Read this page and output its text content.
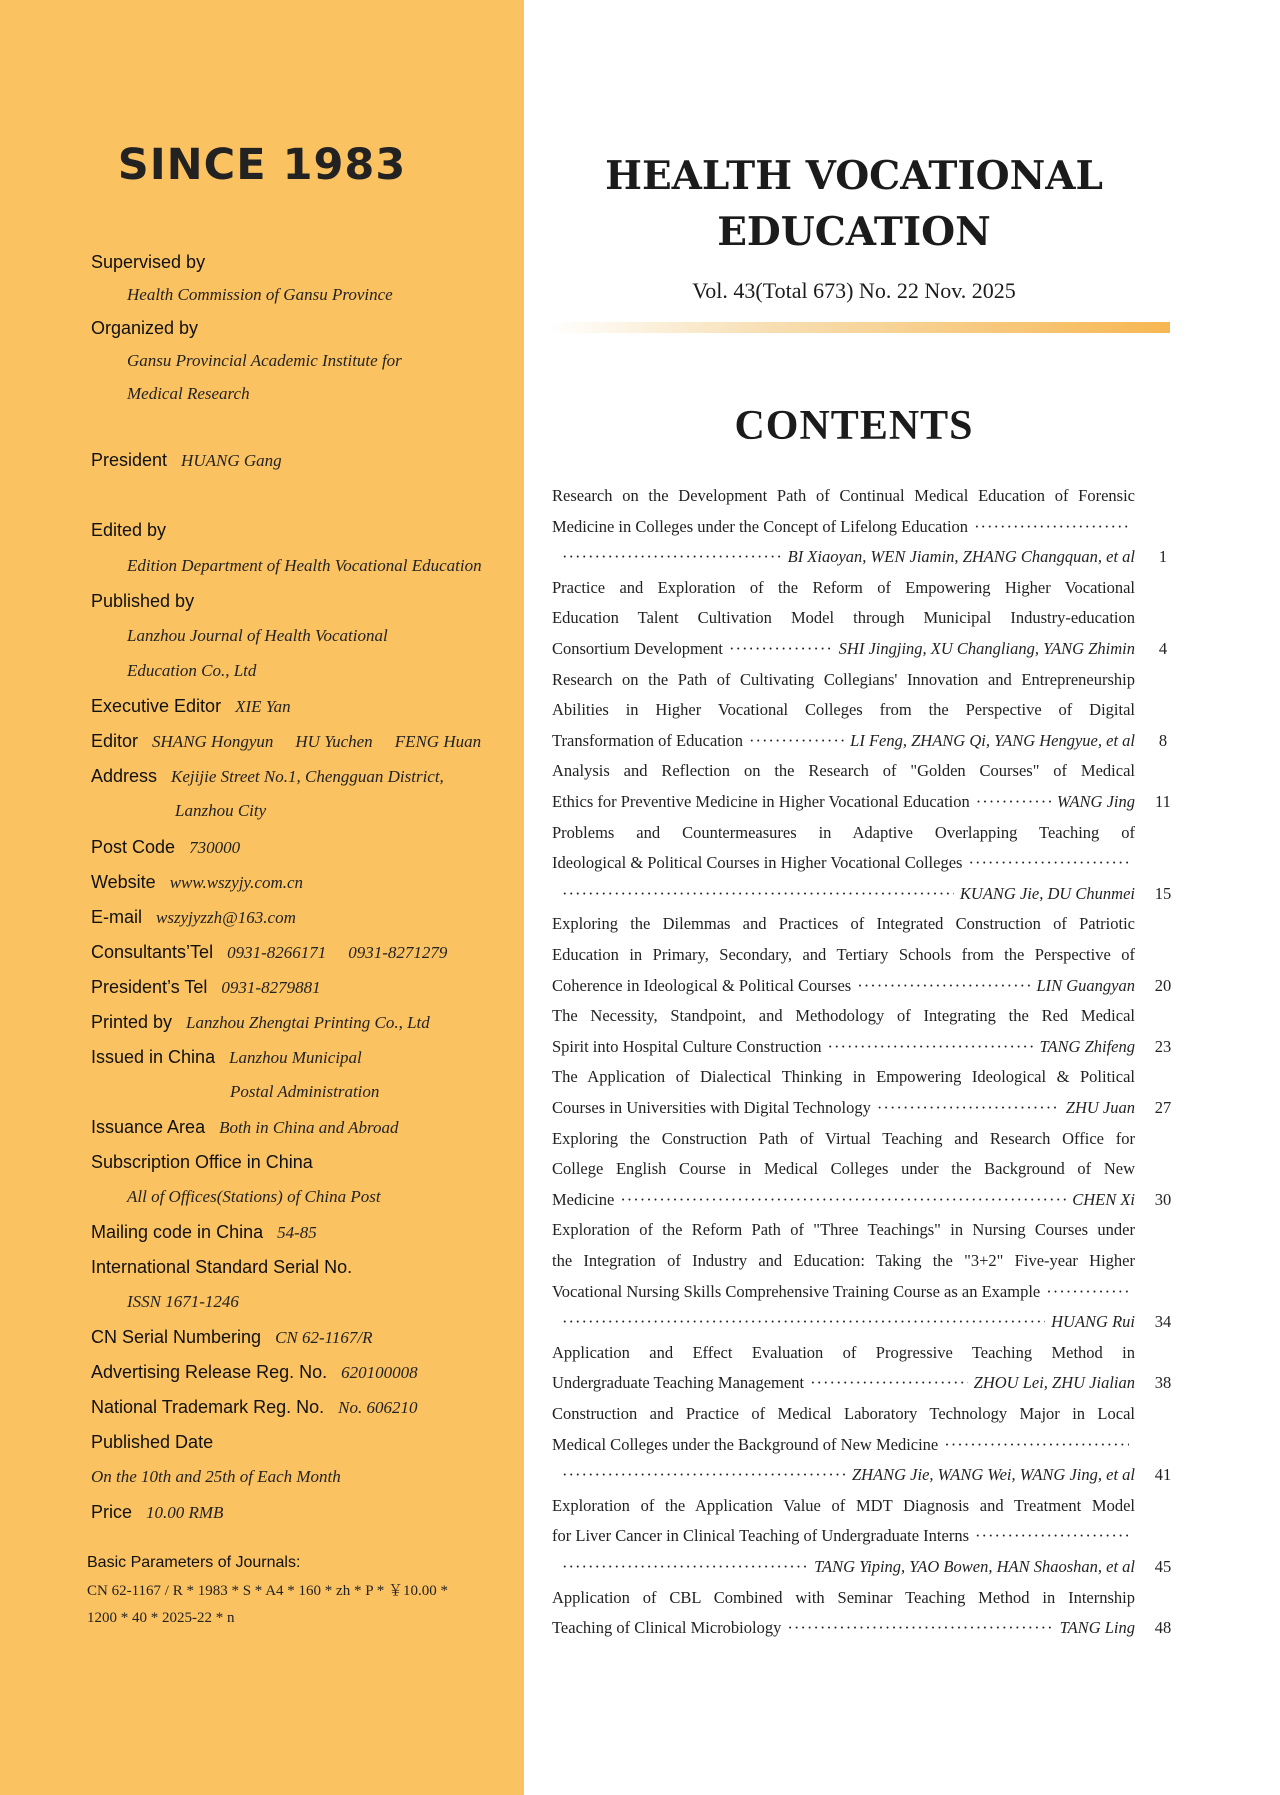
SINCE 1983
Supervised by
Health Commission of Gansu Province
Organized by
Gansu Provincial Academic Institute for
Medical Research
President HUANG Gang
Edited by
Edition Department of Health Vocational Education
Published by
Lanzhou Journal of Health Vocational
Education Co., Ltd
Executive Editor XIE Yan
Editor SHANG Hongyun HU Yuchen FENG Huan
Address Kejijie Street No.1, Chengguan District,
Lanzhou City
Post Code 730000
Website www.wszyjy.com.cn
E-mail wszyjyzzh@163.com
Consultants’Tel 0931-8266171 0931-8271279
President’s Tel 0931-8279881
Printed by Lanzhou Zhengtai Printing Co., Ltd
Issued in China Lanzhou Municipal
Postal Administration
Issuance Area Both in China and Abroad
Subscription Office in China
All of Offices(Stations) of China Post
Mailing code in China 54-85
International Standard Serial No.
ISSN 1671-1246
CN Serial Numbering CN 62-1167/R
Advertising Release Reg. No. 620100008
National Trademark Reg. No. No. 606210
Published Date
On the 10th and 25th of Each Month
Price 10.00 RMB
Basic Parameters of Journals:
CN 62-1167 / R * 1983 * S * A4 * 160 * zh * P * ￥10.00 *
1200 * 40 * 2025-22 * n
HEALTH VOCATIONAL
EDUCATION
Vol. 43(Total 673) No. 22 Nov. 2025
CONTENTS
Research on the Development Path of Continual Medical Education of Forensic
Medicine in Colleges under the Concept of Lifelong Education
·····
·····
BI Xiaoyan, WEN Jiamin, ZHANG Changquan, et al	1
Practice and Exploration of the Reform of Empowering Higher Vocational
Education Talent Cultivation Model through Municipal Industry-education
Consortium Development ·····	SHI Jingjing, XU Changliang, YANG Zhimin	4
Research on the Path of Cultivating Collegians' Innovation and Entrepreneurship
Abilities in Higher Vocational Colleges from the Perspective of Digital
Transformation of Education ·····	LI Feng, ZHANG Qi, YANG Hengyue, et al	8
Analysis and Reflection on the Research of "Golden Courses" of Medical
Ethics for Preventive Medicine in Higher Vocational Education ·····	WANG Jing	11
Problems and Countermeasures in Adaptive Overlapping Teaching of
Ideological & Political Courses in Higher Vocational Colleges
·····
·····
KUANG Jie, DU Chunmei 15
Exploring the Dilemmas and Practices of Integrated Construction of Patriotic
Education in Primary, Secondary, and Tertiary Schools from the Perspective of
Coherence in Ideological & Political Courses ·····	LIN Guangyan 20
The Necessity, Standpoint, and Methodology of Integrating the Red Medical
Spirit into Hospital Culture Construction ·····	TANG Zhifeng 23
The Application of Dialectical Thinking in Empowering Ideological & Political
Courses in Universities with Digital Technology ·····	ZHU Juan 27
Exploring the Construction Path of Virtual Teaching and Research Office for
College English Course in Medical Colleges under the Background of New
Medicine ·····	CHEN Xi 30
Exploration of the Reform Path of "Three Teachings" in Nursing Courses under
the Integration of Industry and Education: Taking the "3+2" Five-year Higher
Vocational Nursing Skills Comprehensive Training Course as an Example
·····
·····
HUANG Rui 34
Application and Effect Evaluation of Progressive Teaching Method in
Undergraduate Teaching Management ·····	ZHOU Lei, ZHU Jialian 38
Construction and Practice of Medical Laboratory Technology Major in Local
Medical Colleges under the Background of New Medicine
·····
·····
ZHANG Jie, WANG Wei, WANG Jing, et al 41
Exploration of the Application Value of MDT Diagnosis and Treatment Model
for Liver Cancer in Clinical Teaching of Undergraduate Interns
·····
·····
TANG Yiping, YAO Bowen, HAN Shaoshan, et al 45
Application of CBL Combined with Seminar Teaching Method in Internship
Teaching of Clinical Microbiology ·····	TANG Ling 48
